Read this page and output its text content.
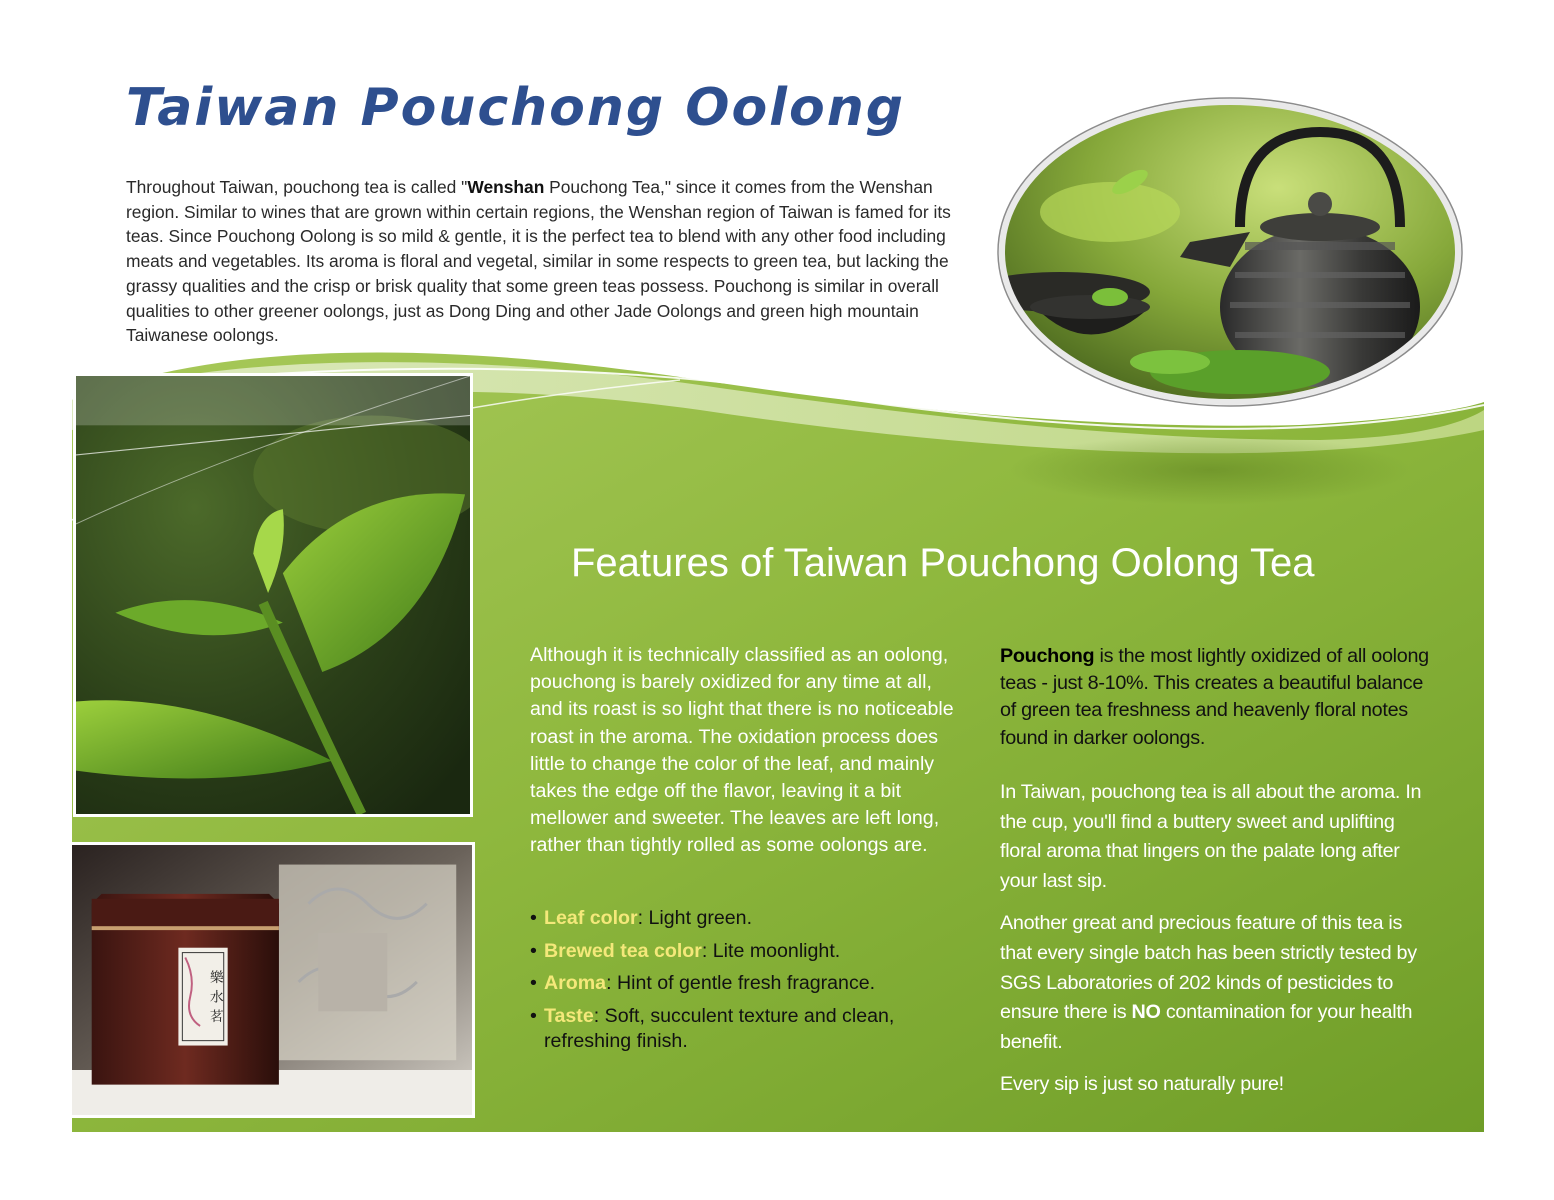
Taiwan Pouchong Oolong

Throughout Taiwan, pouchong tea is called "Wenshan Pouchong Tea," since it comes from the Wenshan region. Similar to wines that are grown within certain regions, the Wenshan region of Taiwan is famed for its teas. Since Pouchong Oolong is so mild & gentle, it is the perfect tea to blend with any other food including meats and vegetables. Its aroma is floral and vegetal, similar in some respects to green tea, but lacking the grassy qualities and the crisp or brisk quality that some green teas possess. Pouchong is similar in overall qualities to other greener oolongs, just as Dong Ding and other Jade Oolongs and green high mountain Taiwanese oolongs.

樂
水
茗
Features of Taiwan Pouchong Oolong Tea

Although it is technically classified as an oolong, pouchong is barely oxidized for any time at all, and its roast is so light that there is no noticeable roast in the aroma. The oxidation process does little to change the color of the leaf, and mainly takes the edge off the flavor, leaving it a bit mellower and sweeter. The leaves are left long, rather than tightly rolled as some oolongs are.

• Leaf color: Light green.
• Brewed tea color: Lite moonlight.
• Aroma: Hint of gentle fresh fragrance.
• Taste: Soft, succulent texture and clean, refreshing finish.

Pouchong is the most lightly oxidized of all oolong teas - just 8-10%. This creates a beautiful balance of green tea freshness and heavenly floral notes found in darker oolongs.

In Taiwan, pouchong tea is all about the aroma. In the cup, you'll find a buttery sweet and uplifting floral aroma that lingers on the palate long after your last sip.

Another great and precious feature of this tea is that every single batch has been strictly tested by SGS Laboratories of 202 kinds of pesticides to ensure there is NO contamination for your health benefit.

Every sip is just so naturally pure!
